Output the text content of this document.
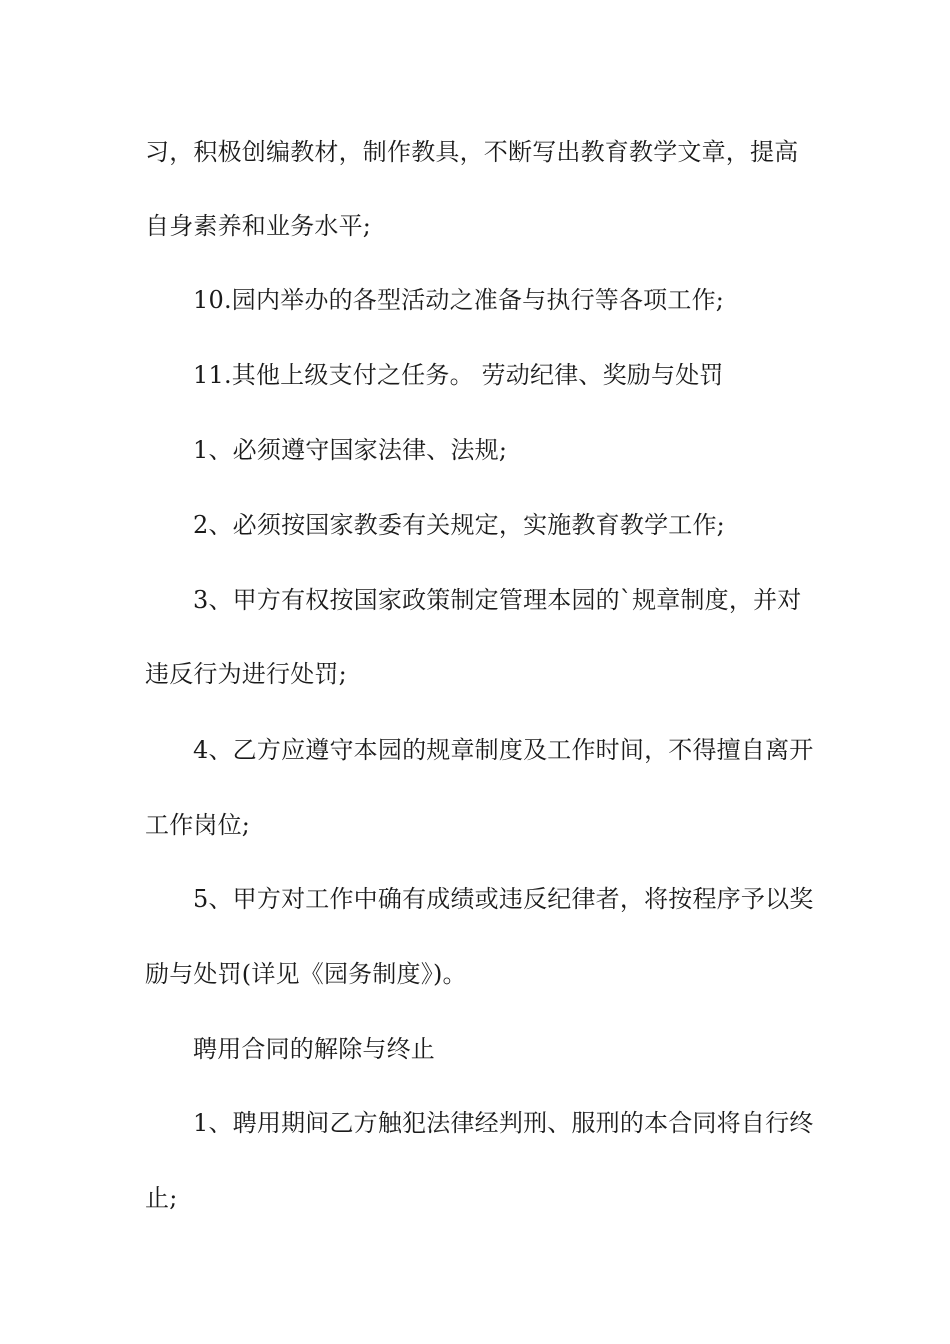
习，积极创编教材，制作教具，不断写出教育教学文章，提高
自身素养和业务水平;
10.园内举办的各型活动之准备与执行等各项工作;
11.其他上级支付之任务。 劳动纪律、奖励与处罚
1、必须遵守国家法律、法规;
2、必须按国家教委有关规定，实施教育教学工作;
3、甲方有权按国家政策制定管理本园的`规章制度，并对
违反行为进行处罚;
4、乙方应遵守本园的规章制度及工作时间，不得擅自离开
工作岗位;
5、甲方对工作中确有成绩或违反纪律者，将按程序予以奖
励与处罚(详见《园务制度》)。
聘用合同的解除与终止
1、聘用期间乙方触犯法律经判刑、服刑的本合同将自行终
止;
